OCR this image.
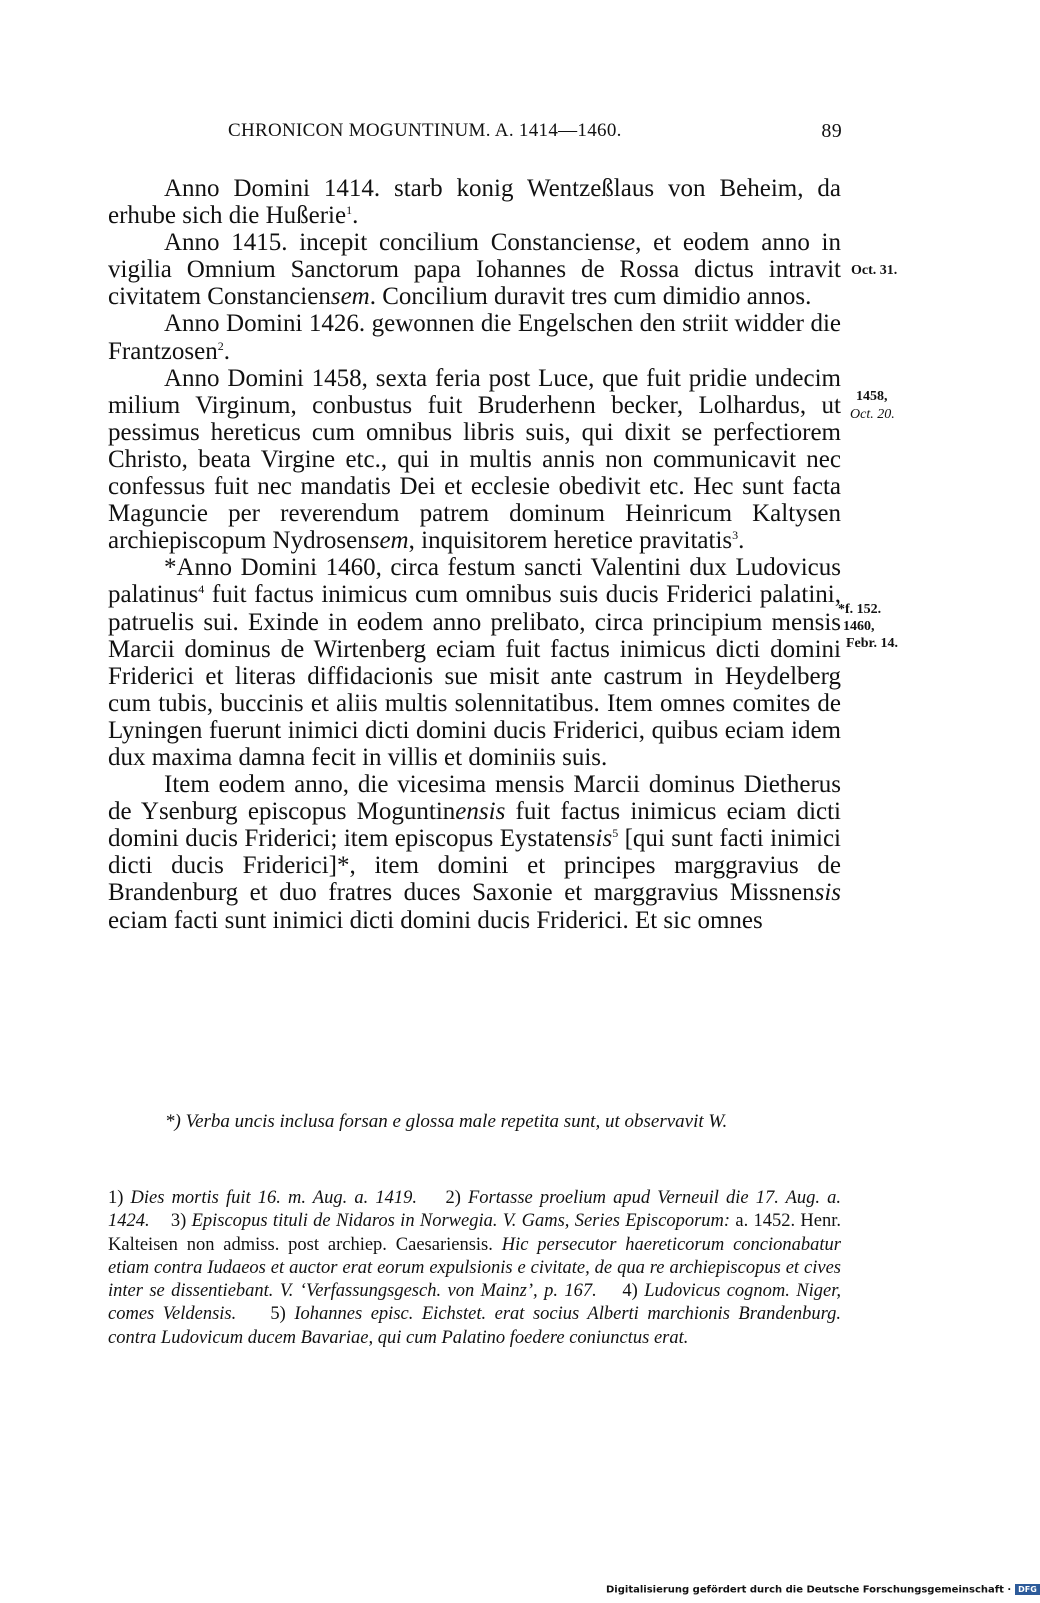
CHRONICON MOGUNTINUM. A. 1414—1460.	89

Anno Domini 1414. starb konig Wentzeßlaus von Beheim, da erhube sich die Hußerie$^1$.

Anno 1415. incepit concilium Constanciense, et eodem anno in vigilia Omnium Sanctorum papa Iohannes de Rossa dictus intravit civitatem Constanciensem. Concilium duravit tres cum dimidio annos.

Anno Domini 1426. gewonnen die Engelschen den striit widder die Frantzosen$^2$.

Anno Domini 1458, sexta feria post Luce, que fuit pridie undecim milium Virginum, conbustus fuit Bruderhenn becker, Lolhardus, ut pessimus hereticus cum omnibus libris suis, qui dixit se perfectiorem Christo, beata Virgine etc., qui in multis annis non communicavit nec confessus fuit nec mandatis Dei et ecclesie obedivit etc. Hec sunt facta Maguncie per reverendum patrem dominum Heinricum Kaltysen archiepiscopum Nydrosensem, inquisitorem heretice pravitatis$^3$.

*Anno Domini 1460, circa festum sancti Valentini dux Ludovicus palatinus$^4$ fuit factus inimicus cum omnibus suis ducis Friderici palatini, patruelis sui. Exinde in eodem anno prelibato, circa principium mensis Marcii dominus de Wirtenberg eciam fuit factus inimicus dicti domini Friderici et literas diffidacionis sue misit ante castrum in Heydelberg cum tubis, buccinis et aliis multis solennitatibus. Item omnes comites de Lyningen fuerunt inimici dicti domini ducis Friderici, quibus eciam idem dux maxima damna fecit in villis et dominiis suis.

Item eodem anno, die vicesima mensis Marcii dominus Dietherus de Ysenburg episcopus Moguntinensis fuit factus inimicus eciam dicti domini ducis Friderici; item episcopus Eystatensis$^5$ [qui sunt facti inimici dicti ducis Friderici]*, item domini et principes marggravius de Brandenburg et duo fratres duces Saxonie et marggravius Missnensis eciam facti sunt inimici dicti domini ducis Friderici. Et sic omnes

Oct. 31.
1458,
Oct. 20.
*f. 152.
1460,
Febr. 14.
*) Verba uncis inclusa forsan e glossa male repetita sunt, ut observavit W.
1) Dies mortis fuit 16. m. Aug. a. 1419. 2) Fortasse proelium apud Verneuil die 17. Aug. a. 1424. 3) Episcopus tituli de Nidaros in Norwegia. V. Gams, Series Episcoporum: a. 1452. Henr. Kalteisen non admiss. post archiep. Caesariensis. Hic persecutor haereticorum concionabatur etiam contra Iudaeos et auctor erat eorum expulsionis e civitate, de qua re archiepiscopus et cives inter se dissentiebant. V. ‘Verfassungsgesch. von Mainz’, p. 167. 4) Ludovicus cognom. Niger, comes Veldensis. 5) Iohannes episc. Eichstet. erat socius Alberti marchionis Brandenburg. contra Ludovicum ducem Bavariae, qui cum Palatino foedere coniunctus erat.
Digitalisierung gefördert durch die Deutsche Forschungsgemeinschaft · DFG
